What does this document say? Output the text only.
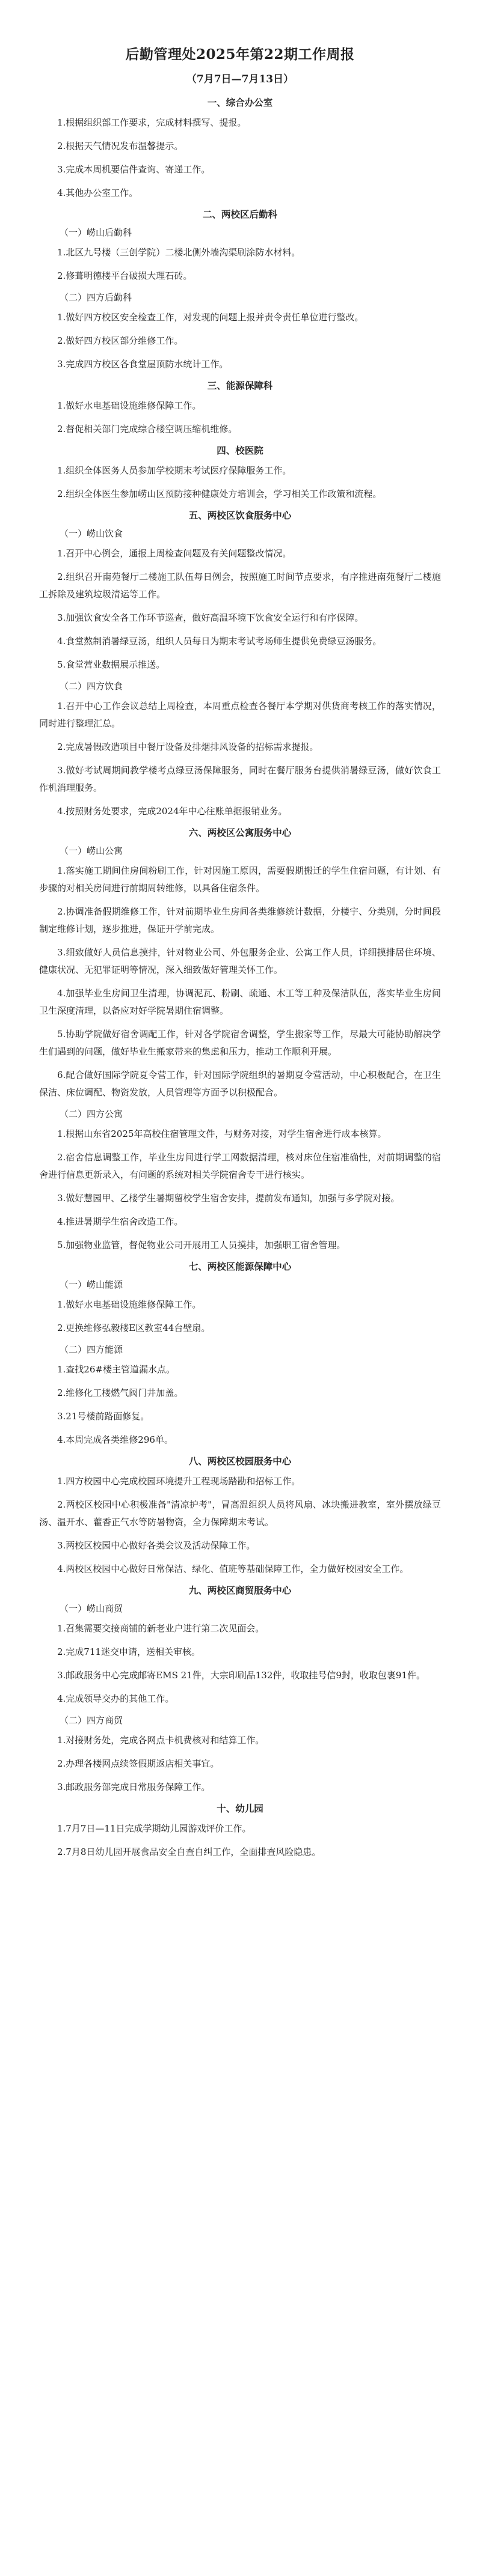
后勤管理处2025年第22期工作周报
（7月7日—7月13日）
一、综合办公室
1.根据组织部工作要求，完成材料撰写、提报。
2.根据天气情况发布温馨提示。
3.完成本周机要信件查询、寄递工作。
4.其他办公室工作。
二、两校区后勤科
（一）崂山后勤科
1.北区九号楼（三创学院）二楼北侧外墙沟渠刷涂防水材料。
2.修葺明德楼平台破损大理石砖。
（二）四方后勤科
1.做好四方校区安全检查工作，对发现的问题上报并责令责任单位进行整改。
2.做好四方校区部分维修工作。
3.完成四方校区各食堂屋顶防水统计工作。
三、能源保障科
1.做好水电基础设施维修保障工作。
2.督促相关部门完成综合楼空调压缩机维修。
四、校医院
1.组织全体医务人员参加学校期末考试医疗保障服务工作。
2.组织全体医生参加崂山区预防接种健康处方培训会，学习相关工作政策和流程。
五、两校区饮食服务中心
（一）崂山饮食
1.召开中心例会，通报上周检查问题及有关问题整改情况。
2.组织召开南苑餐厅二楼施工队伍每日例会，按照施工时间节点要求，有序推进南苑餐厅二楼施工拆除及建筑垃圾清运等工作。
3.加强饮食安全各工作环节巡查，做好高温环境下饮食安全运行和有序保障。
4.食堂熬制消暑绿豆汤，组织人员每日为期末考试考场师生提供免费绿豆汤服务。
5.食堂营业数据展示推送。
（二）四方饮食
1.召开中心工作会议总结上周检查，本周重点检查各餐厅本学期对供货商考核工作的落实情况，同时进行整理汇总。
2.完成暑假改造项目中餐厅设备及排烟排风设备的招标需求提报。
3.做好考试周期间教学楼考点绿豆汤保障服务，同时在餐厅服务台提供消暑绿豆汤，做好饮食工作机消理服务。
4.按照财务处要求，完成2024年中心往账单据报销业务。
六、两校区公寓服务中心
（一）崂山公寓
1.落实施工期间住房间粉刷工作，针对因施工原因，需要假期搬迁的学生住宿问题，有计划、有步骤的对相关房间进行前期周转维修，以具备住宿条件。
2.协调准备假期维修工作，针对前期毕业生房间各类维修统计数据，分楼宇、分类别，分时间段制定维修计划，逐步推进，保证开学前完成。
3.细致做好人员信息摸排，针对物业公司、外包服务企业、公寓工作人员，详细摸排居住环境、健康状况、无犯罪证明等情况，深入细致做好管理关怀工作。
4.加强毕业生房间卫生清理，协调泥瓦、粉刷、疏通、木工等工种及保洁队伍，落实毕业生房间卫生深度清理，以备应对好学院暑期住宿调整。
5.协助学院做好宿舍调配工作，针对各学院宿舍调整，学生搬家等工作，尽最大可能协助解决学生们遇到的问题，做好毕业生搬家带来的集虑和压力，推动工作顺利开展。
6.配合做好国际学院夏令营工作，针对国际学院组织的暑期夏令营活动，中心积极配合，在卫生保洁、床位调配、物资发放，人员管理等方面予以积极配合。
（二）四方公寓
1.根据山东省2025年高校住宿管理文件，与财务对接，对学生宿舍进行成本核算。
2.宿舍信息调整工作，毕业生房间进行学工网数据清理，核对床位住宿准确性，对前期调整的宿舍进行信息更新录入，有问题的系统对相关学院宿舍专干进行核实。
3.做好慧园甲、乙楼学生暑期留校学生宿舍安排，提前发布通知，加强与多学院对接。
4.推进暑期学生宿舍改造工作。
5.加强物业监管，督促物业公司开展用工人员摸排，加强职工宿舍管理。
七、两校区能源保障中心
（一）崂山能源
1.做好水电基础设施维修保障工作。
2.更换维修弘毅楼E区教室44台壁扇。
（二）四方能源
1.查找26#楼主管道漏水点。
2.维修化工楼燃气阀门井加盖。
3.21号楼前路面修复。
4.本周完成各类维修296单。
八、两校区校园服务中心
1.四方校园中心完成校园环境提升工程现场踏勘和招标工作。
2.两校区校园中心积极准备"清凉护考"，冒高温组织人员将风扇、冰块搬进教室，室外摆放绿豆汤、温开水、藿香正气水等防暑物资，全力保障期末考试。
3.两校区校园中心做好各类会议及活动保障工作。
4.两校区校园中心做好日常保洁、绿化、值班等基础保障工作，全力做好校园安全工作。
九、两校区商贸服务中心
（一）崂山商贸
1.召集需要交接商铺的新老业户进行第二次见面会。
2.完成711迷交申请，送相关审核。
3.邮政服务中心完成邮寄EMS 21件，大宗印刷品132件，收取挂号信9封，收取包裹91件。
4.完成领导交办的其他工作。
（二）四方商贸
1.对接财务处，完成各网点卡机费核对和结算工作。
2.办理各楼网点续签假期返店相关事宜。
3.邮政服务部完成日常服务保障工作。
十、幼儿园
1.7月7日—11日完成学期幼儿园游戏评价工作。
2.7月8日幼儿园开展食品安全自查自纠工作，全面排查风险隐患。
